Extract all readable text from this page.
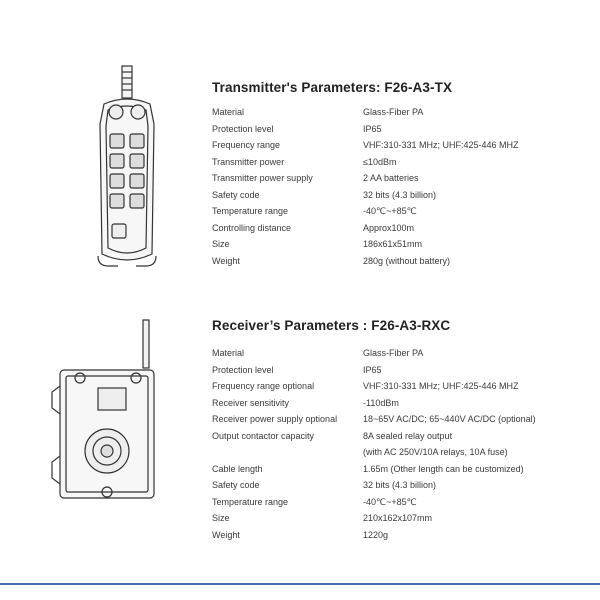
Transmitter's Parameters: F26-A3-TX
Material	Glass-Fiber PA
Protection level	IP65
Frequency range	VHF:310-331 MHz; UHF:425-446 MHZ
Transmitter power	≤10dBm
Transmitter power supply	2 AA batteries
Safety code	32 bits (4.3 billion)
Temperature range	-40℃~+85℃
Controlling distance	Approx100m
Size	186x61x51mm
Weight	280g (without battery)
Receiver’s Parameters : F26-A3-RXC
Material	Glass-Fiber PA
Protection level	IP65
Frequency range optional	VHF:310-331 MHz; UHF:425-446 MHZ
Receiver sensitivity	-110dBm
Receiver power supply optional	18~65V AC/DC; 65~440V AC/DC (optional)
Output contactor capacity	8A sealed relay output
(with AC 250V/10A relays, 10A fuse)
Cable length	1.65m (Other length can be customized)
Safety code	32 bits (4.3 billion)
Temperature range	-40℃~+85℃
Size	210x162x107mm
Weight	1220g
